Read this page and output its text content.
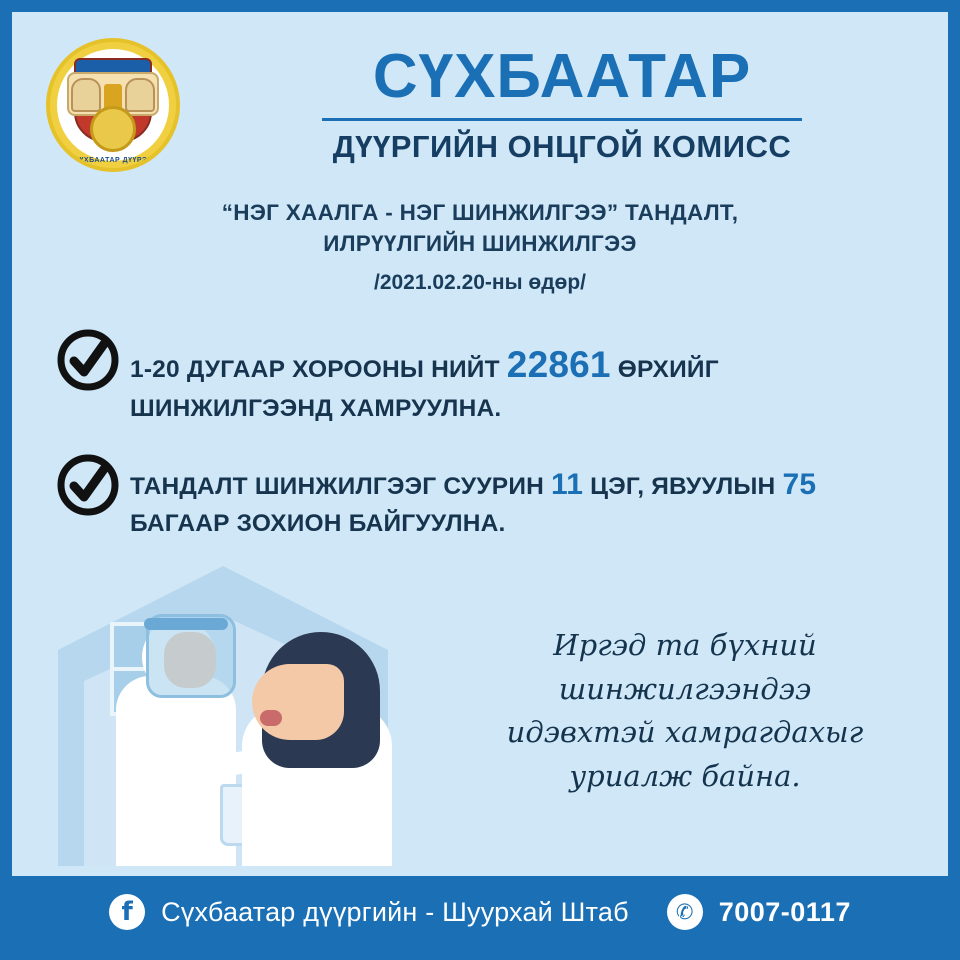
СҮХБААТАР ДҮҮРЭГ
СҮХБААТАР
ДҮҮРГИЙН ОНЦГОЙ КОМИСС
“НЭГ ХААЛГА - НЭГ ШИНЖИЛГЭЭ” ТАНДАЛТ,
ИЛРҮҮЛГИЙН ШИНЖИЛГЭЭ
/2021.02.20-ны өдөр/
1-20 ДУГААР ХОРООНЫ НИЙТ 22861 ӨРХИЙГ ШИНЖИЛГЭЭНД ХАМРУУЛНА.
ТАНДАЛТ ШИНЖИЛГЭЭГ СУУРИН 11 ЦЭГ, ЯВУУЛЫН 75 БАГААР ЗОХИОН БАЙГУУЛНА.
Иргэд та бүхний шинжилгээндээ
идэвхтэй хамрагдахыг
уриалж байна.
f	Сүхбаатар дүүргийн - Шуурхай Штаб	✆ 7007-0117
